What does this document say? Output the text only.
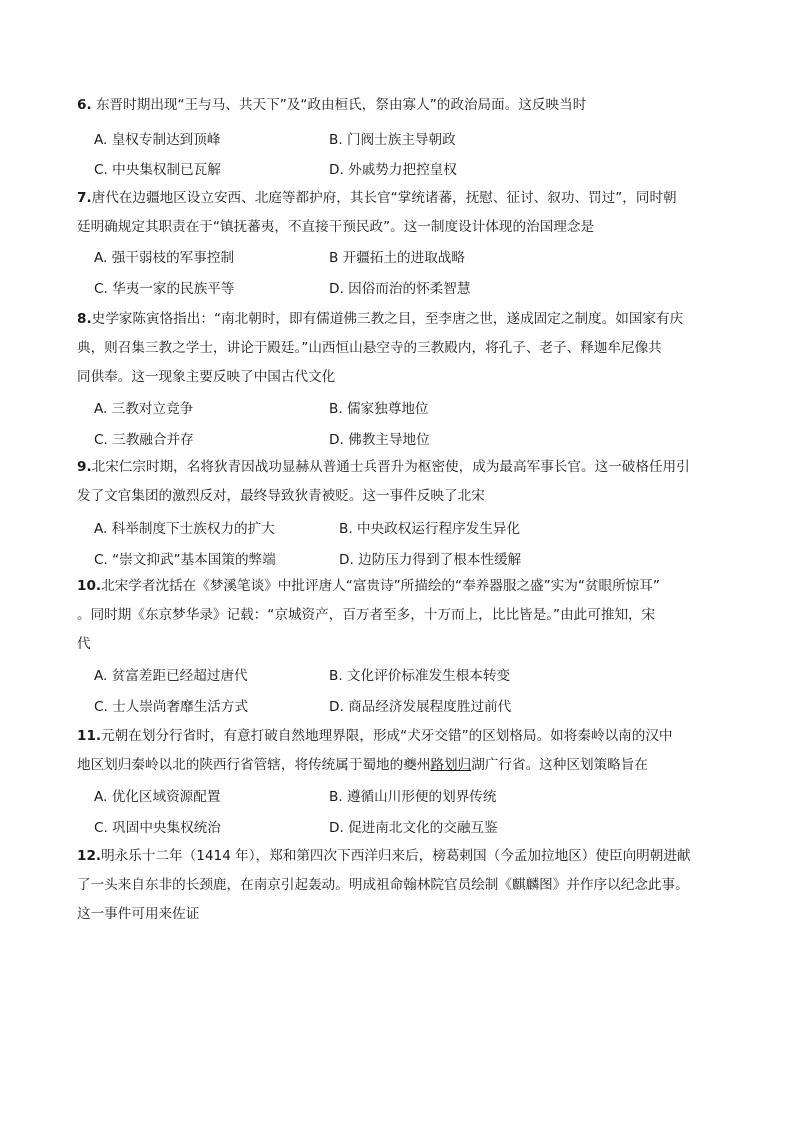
6. 东晋时期出现“王与马、共天下”及“政由桓氏，祭由寡人”的政治局面。这反映当时

A. 皇权专制达到顶峰	B. 门阀士族主导朝政
C. 中央集权制已瓦解	D. 外戚势力把控皇权

7.唐代在边疆地区设立安西、北庭等都护府，其长官“掌统诸蕃，抚慰、征讨、叙功、罚过”，同时朝
廷明确规定其职责在于“镇抚蕃夷，不直接干预民政”。这一制度设计体现的治国理念是

A. 强干弱枝的军事控制	B 开疆拓土的进取战略
C. 华夷一家的民族平等	D. 因俗而治的怀柔智慧

8.史学家陈寅恪指出：“南北朝时，即有儒道佛三教之目，至李唐之世，遂成固定之制度。如国家有庆
典，则召集三教之学士，讲论于殿廷。”山西恒山悬空寺的三教殿内，将孔子、老子、释迦牟尼像共
同供奉。这一现象主要反映了中国古代文化

A. 三教对立竞争	B. 儒家独尊地位
C. 三教融合并存	D. 佛教主导地位

9.北宋仁宗时期，名将狄青因战功显赫从普通士兵晋升为枢密使，成为最高军事长官。这一破格任用引
发了文官集团的激烈反对，最终导致狄青被贬。这一事件反映了北宋

A. 科举制度下士族权力的扩大	B. 中央政权运行程序发生异化
C. “崇文抑武”基本国策的弊端	D. 边防压力得到了根本性缓解

10.北宋学者沈括在《梦溪笔谈》中批评唐人“富贵诗”所描绘的“奉养器服之盛”实为“贫眼所惊耳”
。同时期《东京梦华录》记载：“京城资产，百万者至多，十万而上，比比皆是。”由此可推知，宋
代

A. 贫富差距已经超过唐代	B. 文化评价标准发生根本转变
C. 士人崇尚奢靡生活方式	D. 商品经济发展程度胜过前代

11.元朝在划分行省时，有意打破自然地理界限，形成“犬牙交错”的区划格局。如将秦岭以南的汉中
地区划归秦岭以北的陕西行省管辖，将传统属于蜀地的夔州路划归湖广行省。这种区划策略旨在

A. 优化区域资源配置	B. 遵循山川形便的划界传统
C. 巩固中央集权统治	D. 促进南北文化的交融互鉴

12.明永乐十二年（1414 年），郑和第四次下西洋归来后，榜葛剌国（今孟加拉地区）使臣向明朝进献
了一头来自东非的长颈鹿，在南京引起轰动。明成祖命翰林院官员绘制《麒麟图》并作序以纪念此事。
这一事件可用来佐证
